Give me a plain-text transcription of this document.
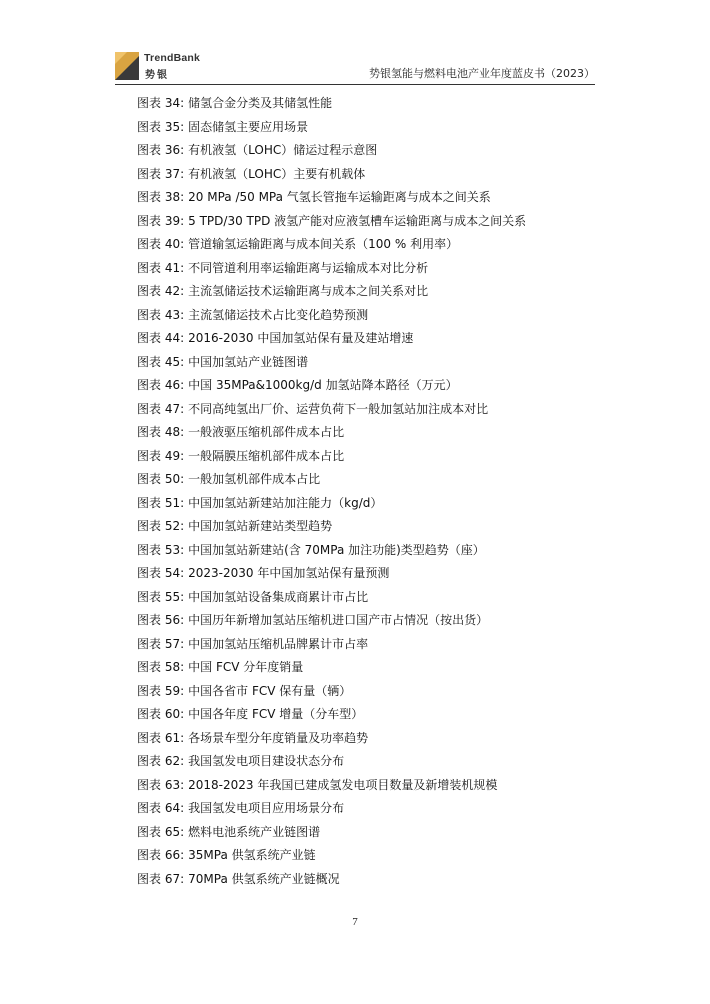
TrendBank
势银	势银氢能与燃料电池产业年度蓝皮书（2023）
图表 34: 储氢合金分类及其储氢性能
图表 35: 固态储氢主要应用场景
图表 36: 有机液氢（LOHC）储运过程示意图
图表 37: 有机液氢（LOHC）主要有机载体
图表 38: 20 MPa /50 MPa 气氢长管拖车运输距离与成本之间关系
图表 39: 5 TPD/30 TPD 液氢产能对应液氢槽车运输距离与成本之间关系
图表 40: 管道输氢运输距离与成本间关系（100 % 利用率）
图表 41: 不同管道利用率运输距离与运输成本对比分析
图表 42: 主流氢储运技术运输距离与成本之间关系对比
图表 43: 主流氢储运技术占比变化趋势预测
图表 44: 2016-2030 中国加氢站保有量及建站增速
图表 45: 中国加氢站产业链图谱
图表 46: 中国 35MPa&1000kg/d 加氢站降本路径（万元）
图表 47: 不同高纯氢出厂价、运营负荷下一般加氢站加注成本对比
图表 48: 一般液驱压缩机部件成本占比
图表 49: 一般隔膜压缩机部件成本占比
图表 50: 一般加氢机部件成本占比
图表 51: 中国加氢站新建站加注能力（kg/d）
图表 52: 中国加氢站新建站类型趋势
图表 53: 中国加氢站新建站(含 70MPa 加注功能)类型趋势（座）
图表 54: 2023-2030 年中国加氢站保有量预测
图表 55: 中国加氢站设备集成商累计市占比
图表 56: 中国历年新增加氢站压缩机进口国产市占情况（按出货）
图表 57: 中国加氢站压缩机品牌累计市占率
图表 58: 中国 FCV 分年度销量
图表 59: 中国各省市 FCV 保有量（辆）
图表 60: 中国各年度 FCV 增量（分车型）
图表 61: 各场景车型分年度销量及功率趋势
图表 62: 我国氢发电项目建设状态分布
图表 63: 2018-2023 年我国已建成氢发电项目数量及新增装机规模
图表 64: 我国氢发电项目应用场景分布
图表 65: 燃料电池系统产业链图谱
图表 66: 35MPa 供氢系统产业链
图表 67: 70MPa 供氢系统产业链概况
7
